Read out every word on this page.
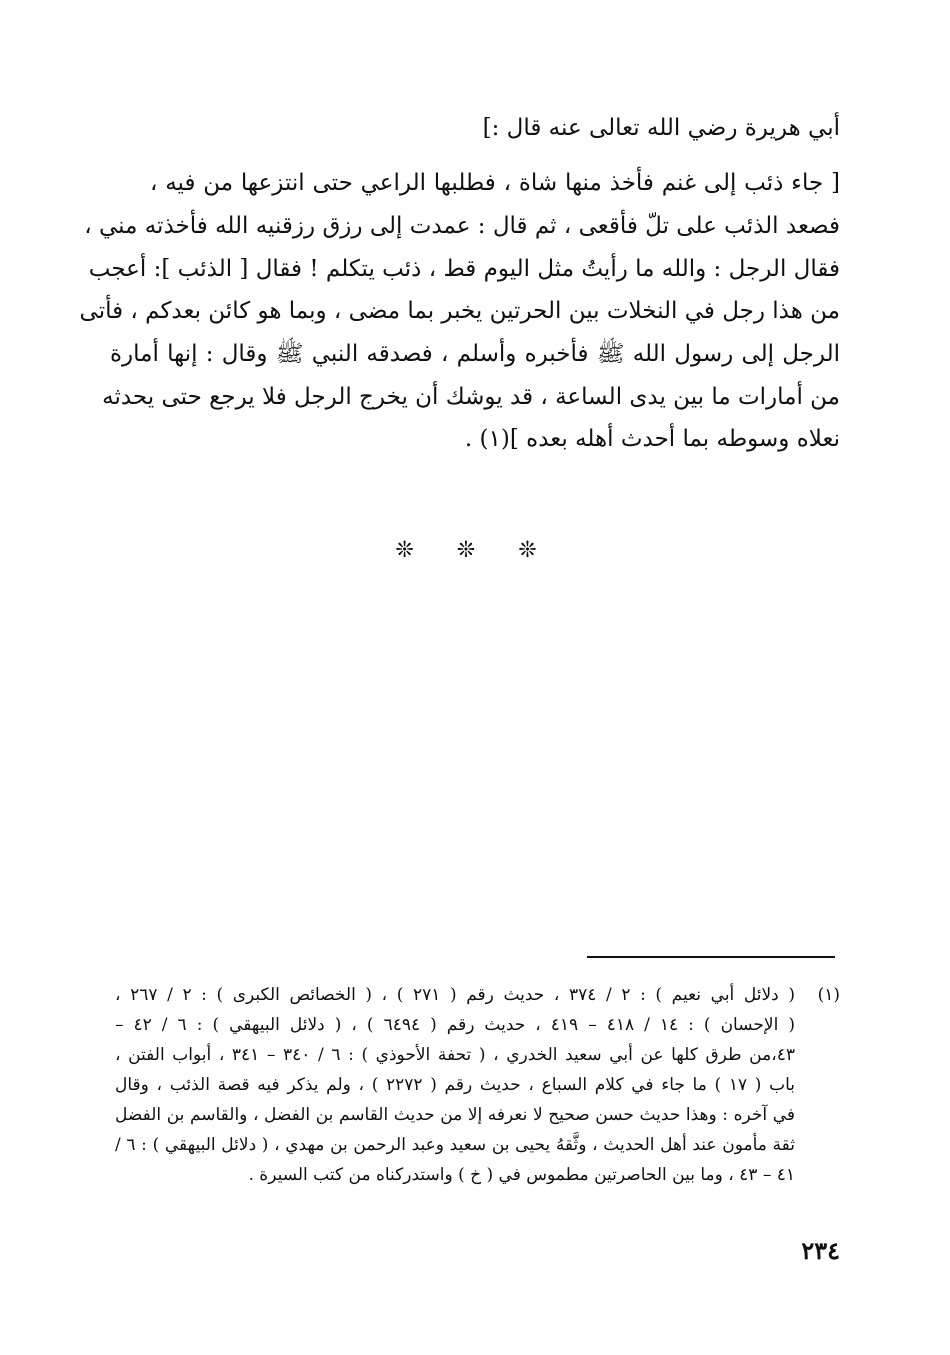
أبي هريرة رضي الله تعالى عنه قال :]
[ جاء ذئب إلى غنم فأخذ منها شاة ، فطلبها الراعي حتى انتزعها من فيه ،
فصعد الذئب على تلّ فأقعى ، ثم قال : عمدت إلى رزق رزقنيه الله فأخذته مني ،
فقال الرجل : والله ما رأيتُ مثل اليوم قط ، ذئب يتكلم ! فقال [ الذئب ]: أعجب
من هذا رجل في النخلات بين الحرتين يخبر بما مضى ، وبما هو كائن بعدكم ، فأتى
الرجل إلى رسول الله ﷺ فأخبره وأسلم ، فصدقه النبي ﷺ وقال : إنها أمارة
من أمارات ما بين يدى الساعة ، قد يوشك أن يخرج الرجل فلا يرجع حتى يحدثه
نعلاه وسوطه بما أحدث أهله بعده ](١) .
❊ ❊ ❊
(١)
( دلائل أبي نعيم ) : ٢ / ٣٧٤ ، حديث رقم ( ٢٧١ ) ، ( الخصائص الكبرى ) : ٢ / ٢٦٧ ،
( الإحسان ) : ١٤ / ٤١٨ – ٤١٩ ، حديث رقم ( ٦٤٩٤ ) ، ( دلائل البيهقي ) : ٦ / ٤٢ –
٤٣،من طرق كلها عن أبي سعيد الخدري ، ( تحفة الأحوذي ) : ٦ / ٣٤٠ – ٣٤١ ، أبواب الفتن ،
باب ( ١٧ ) ما جاء في كلام السباع ، حديث رقم ( ٢٢٧٢ ) ، ولم يذكر فيه قصة الذئب ، وقال
في آخره : وهذا حديث حسن صحيح لا نعرفه إلا من حديث القاسم بن الفضل ، والقاسم بن الفضل
ثقة مأمون عند أهل الحديث ، وثَّقهُ يحيى بن سعيد وعبد الرحمن بن مهدي ، ( دلائل البيهقي ) : ٦ /
٤١ – ٤٣ ، وما بين الحاصرتين مطموس في ( خ ) واستدركناه من كتب السيرة .
٢٣٤
